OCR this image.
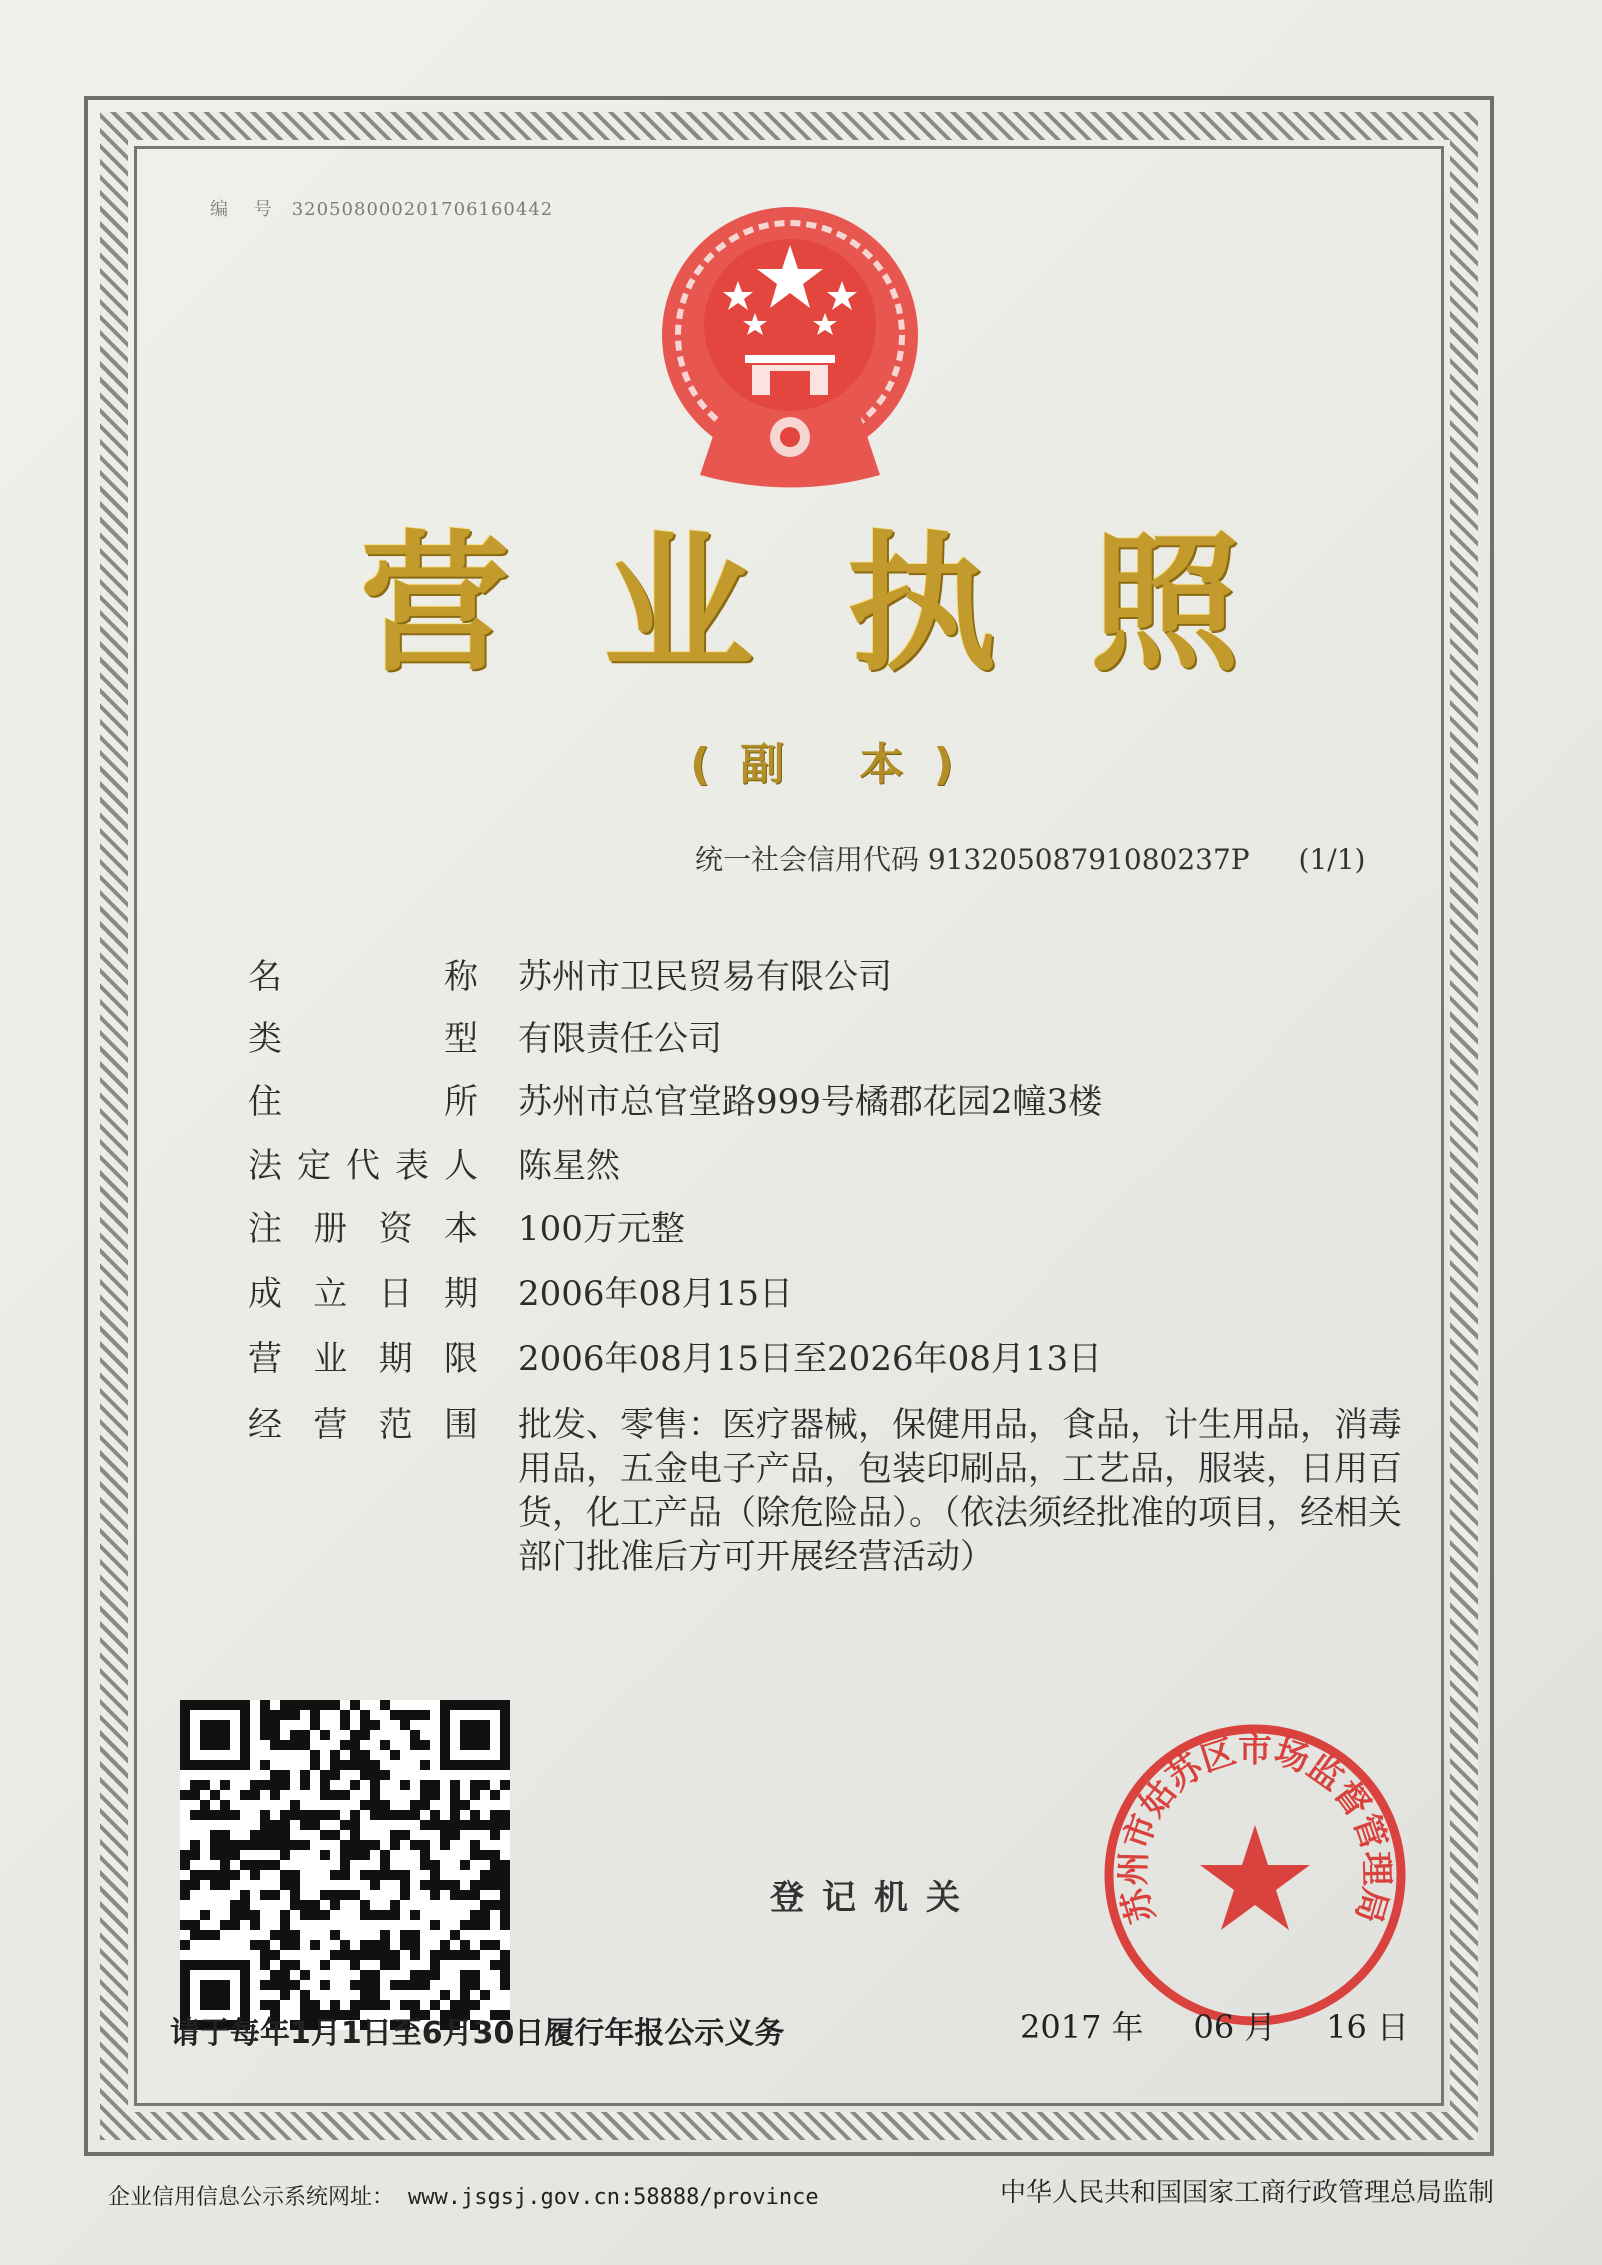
编 号 320508000201706160442
营 业 执 照
(副 本)
统一社会信用代码 91320508791080237P (1/1)
名	称 苏州市卫民贸易有限公司
类	型 有限责任公司
住	所 苏州市总官堂路999号橘郡花园2幢3楼
法 定 代 表 人 陈星然
注 册 资 本 100万元整
成 立 日 期 2006年08月15日
营 业 期 限 2006年08月15日至2026年08月13日
经 营 范 围 批发、零售：医疗器械，保健用品，食品，计生用品，消毒用品，五金电子产品，包装印刷品，工艺品，服装，日用百货，化工产品（除危险品）。（依法须经批准的项目，经相关部门批准后方可开展经营活动）
登记机关	苏州市姑苏区市场监督管理局
请于每年1月1日至6月30日履行年报公示义务	2017 年 06 月 16 日
企业信用信息公示系统网址： www.jsgsj.gov.cn:58888/province	中华人民共和国国家工商行政管理总局监制
